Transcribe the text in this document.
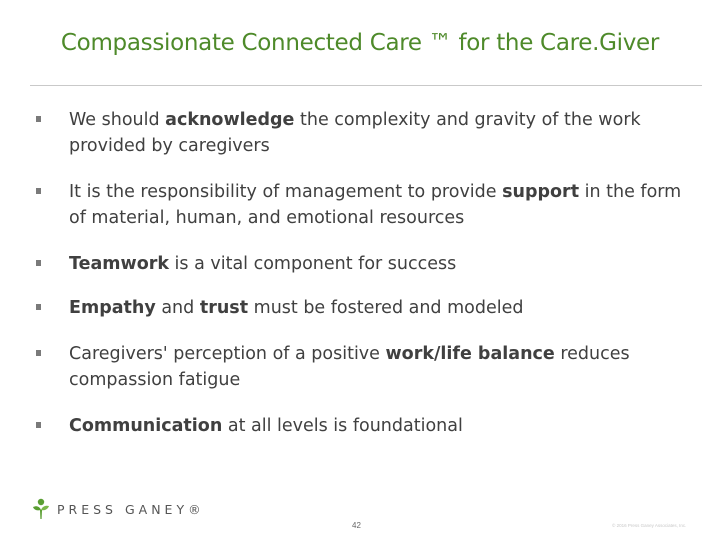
Compassionate Connected Care ™ for the Care.Giver
We should acknowledge the complexity and gravity of the work provided by caregivers
It is the responsibility of management to provide support in the form of material, human, and emotional resources
Teamwork is a vital component for success
Empathy and trust must be fostered and modeled
Caregivers' perception of a positive work/life balance reduces compassion fatigue
Communication at all levels is foundational
PRESS GANEY®
42	© 2016 Press Ganey Associates, Inc.
